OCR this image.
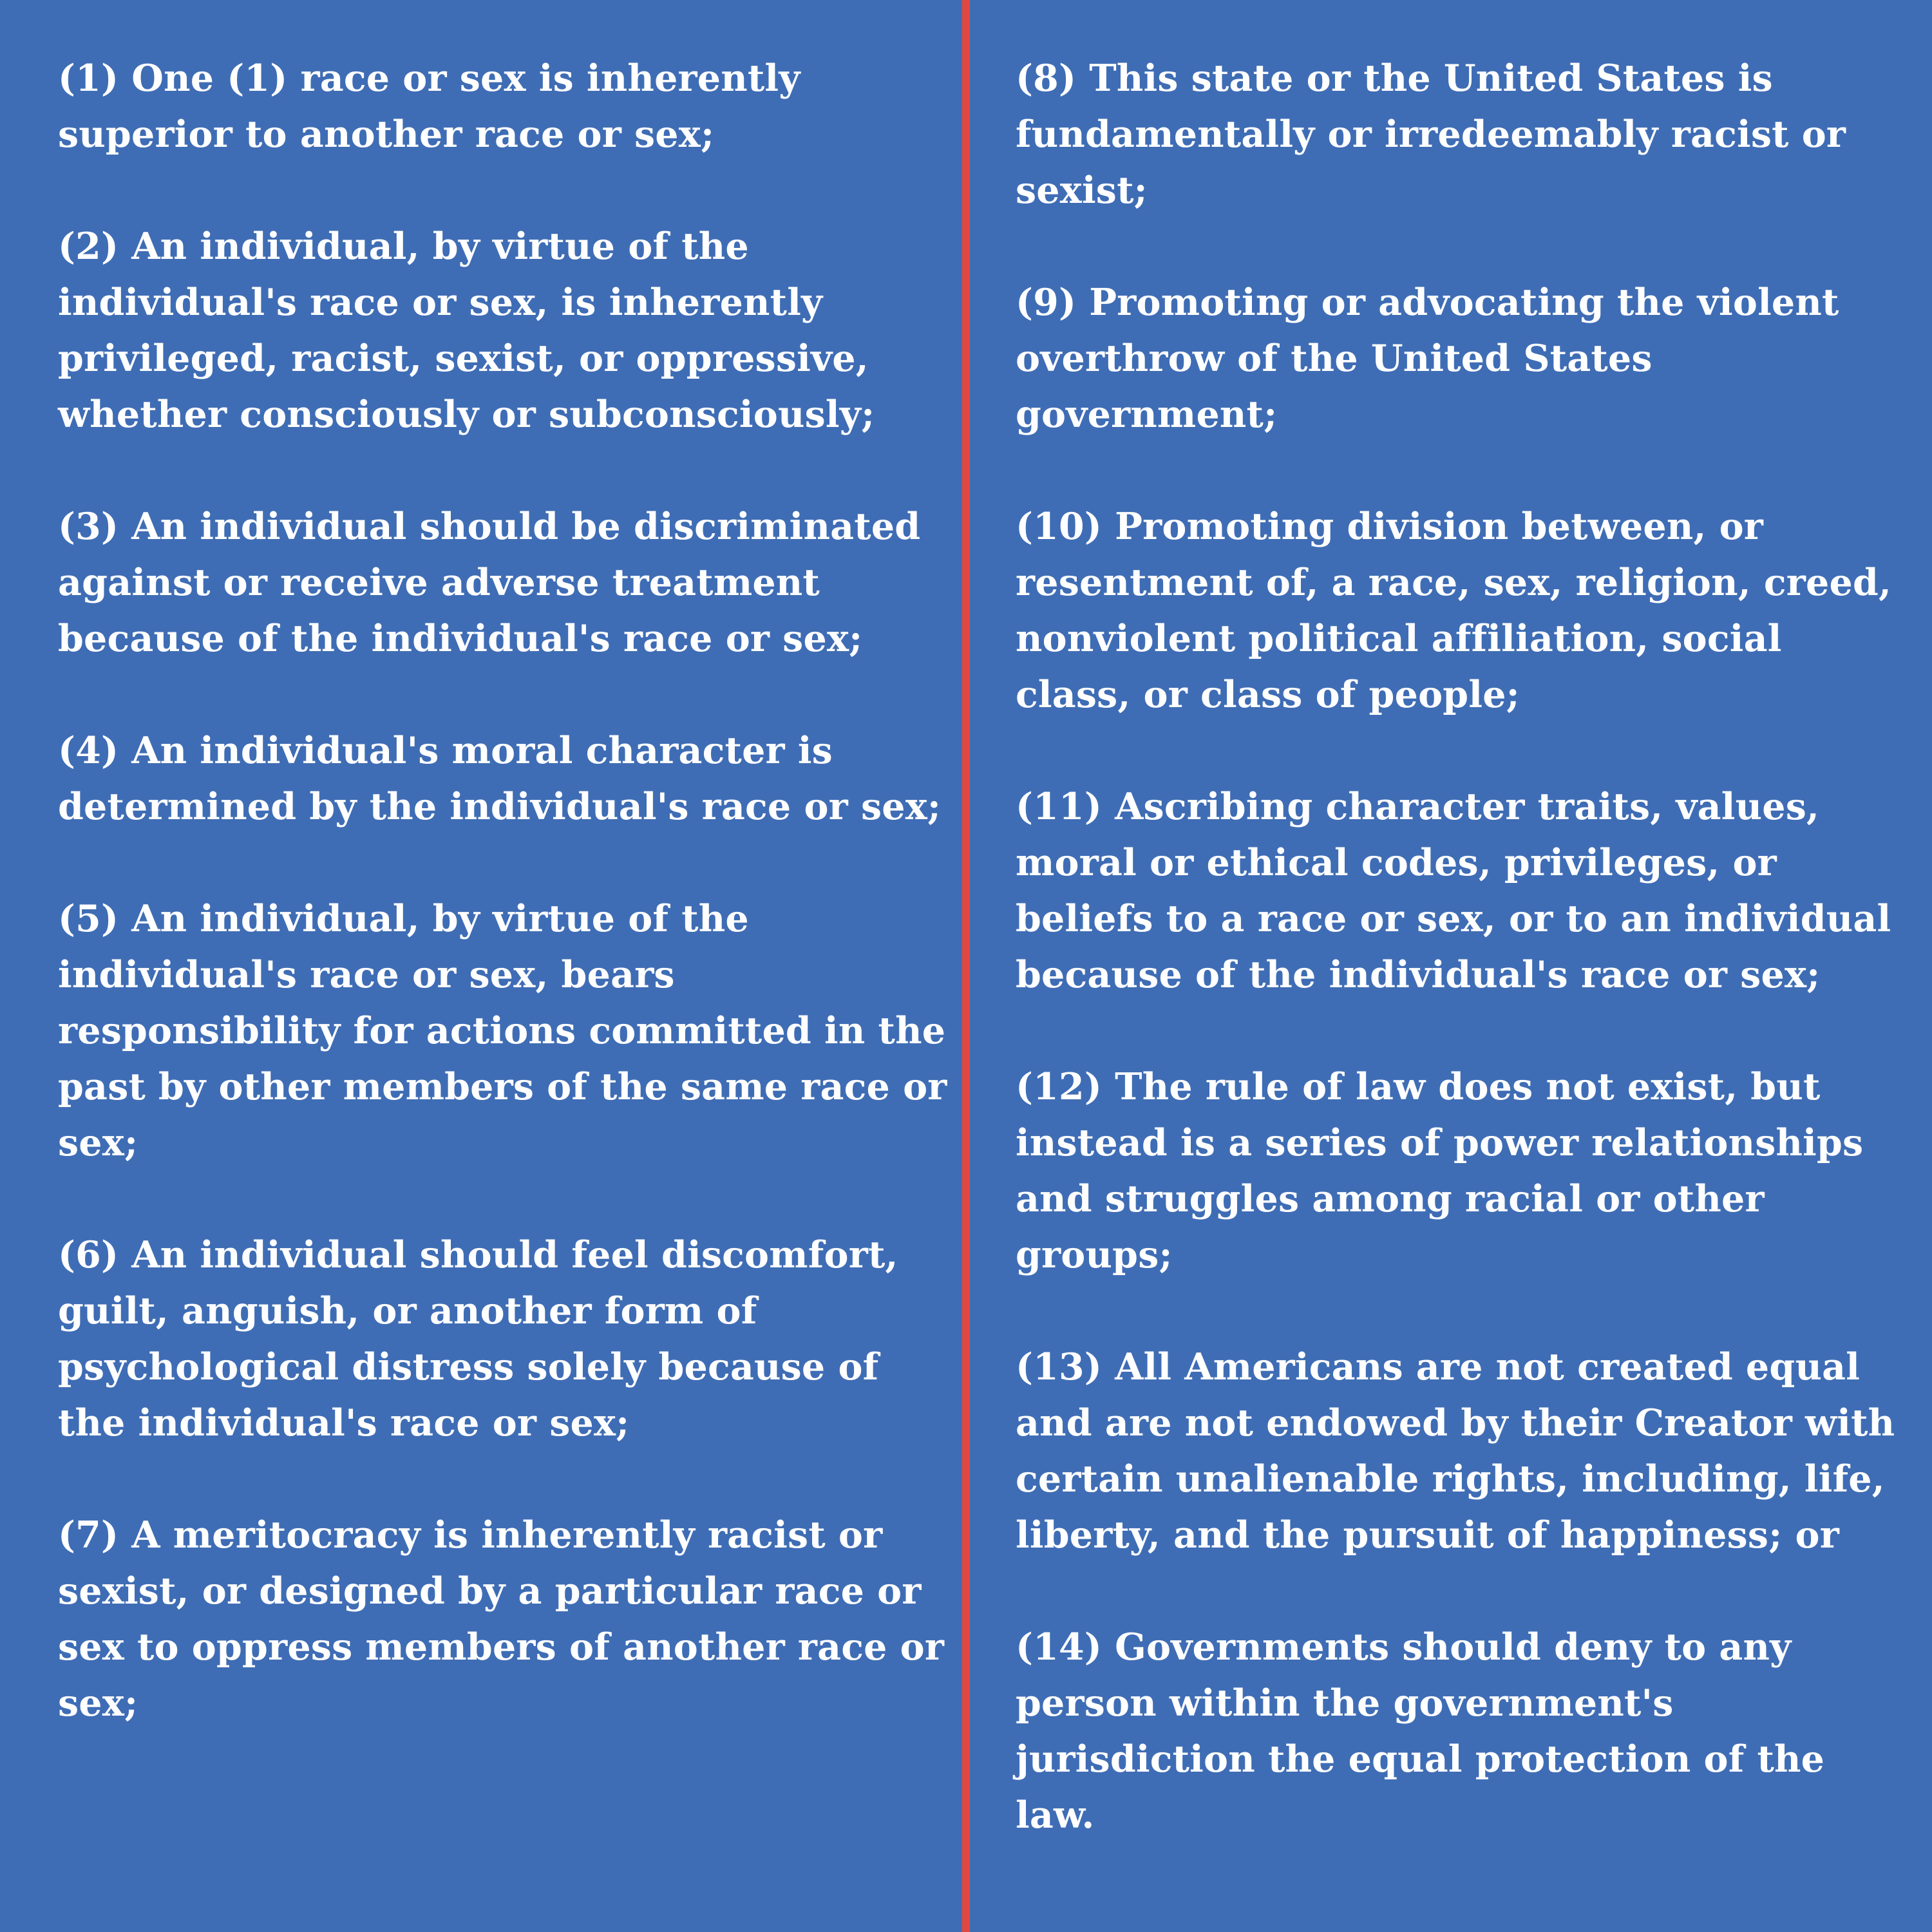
(1) One (1) race or sex is inherently superior to another race or sex;

(2) An individual, by virtue of the individual's race or sex, is inherently privileged, racist, sexist, or oppressive, whether consciously or subconsciously;

(3) An individual should be discriminated against or receive adverse treatment because of the individual's race or sex;

(4) An individual's moral character is determined by the individual's race or sex;

(5) An individual, by virtue of the individual's race or sex, bears responsibility for actions committed in the past by other members of the same race or sex;

(6) An individual should feel discomfort, guilt, anguish, or another form of psychological distress solely because of the individual's race or sex;

(7) A meritocracy is inherently racist or sexist, or designed by a particular race or sex to oppress members of another race or sex;

(8) This state or the United States is fundamentally or irredeemably racist or sexist;

(9) Promoting or advocating the violent overthrow of the United States government;

(10) Promoting division between, or resentment of, a race, sex, religion, creed, nonviolent political affiliation, social class, or class of people;

(11) Ascribing character traits, values, moral or ethical codes, privileges, or beliefs to a race or sex, or to an individual because of the individual's race or sex;

(12) The rule of law does not exist, but instead is a series of power relationships and struggles among racial or other groups;

(13) All Americans are not created equal and are not endowed by their Creator with certain unalienable rights, including, life, liberty, and the pursuit of happiness; or

(14) Governments should deny to any person within the government's jurisdiction the equal protection of the law.
